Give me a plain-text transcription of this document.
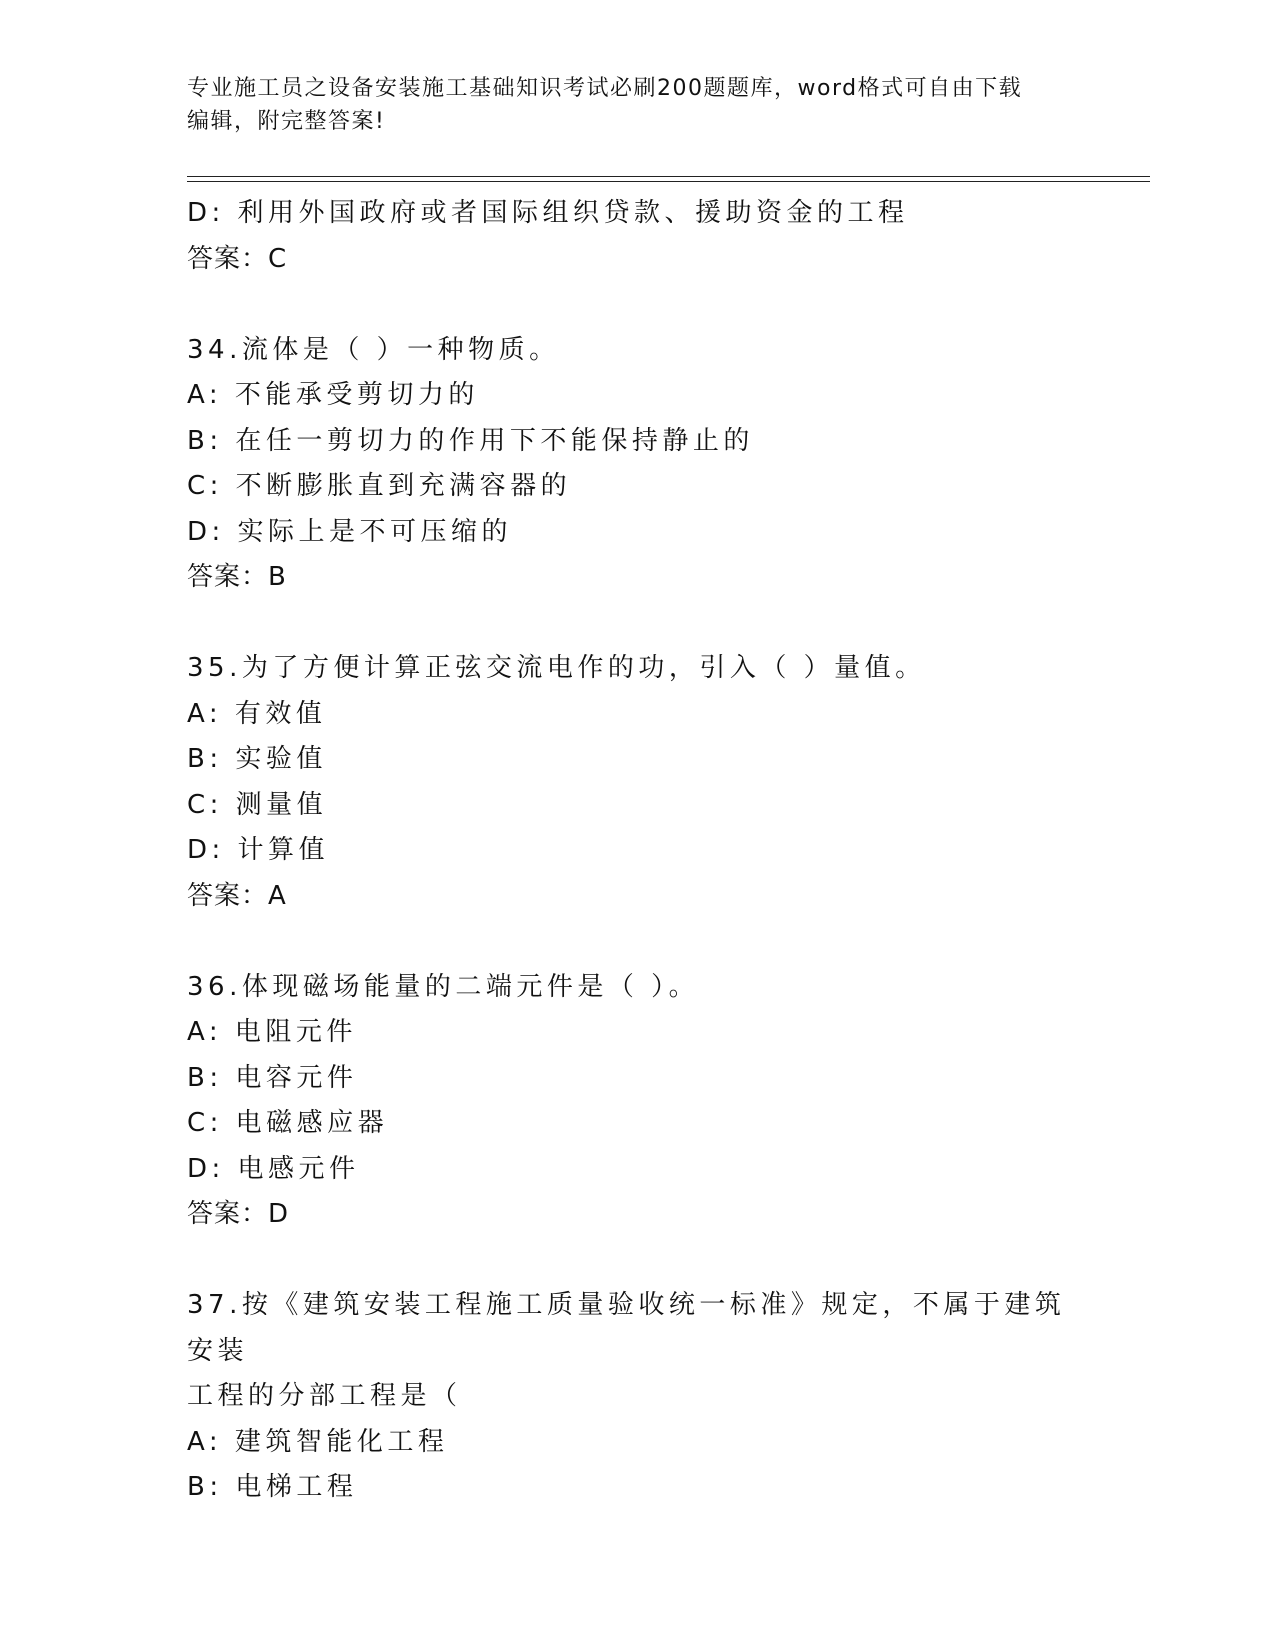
专业施工员之设备安装施工基础知识考试必刷200题题库，word格式可自由下载
编辑，附完整答案!
D: 利用外国政府或者国际组织贷款、援助资金的工程
答案：C
34.流体是（ ）一种物质。
A: 不能承受剪切力的
B: 在任一剪切力的作用下不能保持静止的
C: 不断膨胀直到充满容器的
D: 实际上是不可压缩的
答案：B
35.为了方便计算正弦交流电作的功，引入（ ）量值。
A: 有效值
B: 实验值
C: 测量值
D: 计算值
答案：A
36.体现磁场能量的二端元件是（ ）。
A: 电阻元件
B: 电容元件
C: 电磁感应器
D: 电感元件
答案：D
37.按《建筑安装工程施工质量验收统一标准》规定，不属于建筑安装
工程的分部工程是（
A: 建筑智能化工程
B: 电梯工程
